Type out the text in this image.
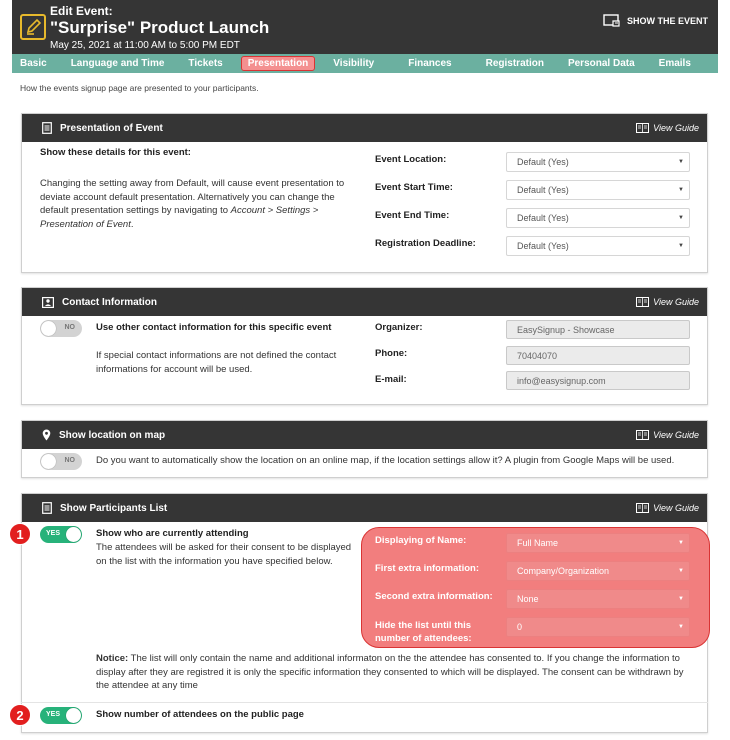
Edit Event:
"Surprise" Product Launch
May 25, 2021 at 11:00 AM to 5:00 PM EDT
SHOW THE EVENT
Basic	Language and Time	Tickets	Presentation	Visibility	Finances	Registration	Personal Data	Emails
How the events signup page are presented to your participants.
Presentation of Event	View Guide
Show these details for this event:
Changing the setting away from Default, will cause event presentation to
deviate account default presentation. Alternatively you can change the
default presentation settings by navigating to Account > Settings >
Presentation of Event.
Event Location:	Default (Yes)	▼
Event Start Time:	Default (Yes)	▼
Event End Time:	Default (Yes)	▼
Registration Deadline:	Default (Yes)	▼
Contact Information	View Guide
NO Use other contact information for this specific event
If special contact informations are not defined the contact
informations for account will be used.
Organizer:	EasySignup - Showcase
Phone:	70404070
E-mail:	info@easysignup.com
Show location on map	View Guide
NO Do you want to automatically show the location on an online map, if the location settings allow it? A plugin from Google Maps will be used.
Show Participants List	View Guide
1	YES	Show who are currently attending
The attendees will be asked for their consent to be displayed
on the list with the information you have specified below.
Displaying of Name:	Full Name	▼
First extra information:	Company/Organization	▼
Second extra information:	None	▼
Hide the list until this
number of attendees:
0	▼
Notice: The list will only contain the name and additional informaton on the the attendee has consented to. If you change the information to
display after they are registred it is only the specific information they consented to which will be displayed. The consent can be withdrawn by
the attendee at any time
2	YES	Show number of attendees on the public page
